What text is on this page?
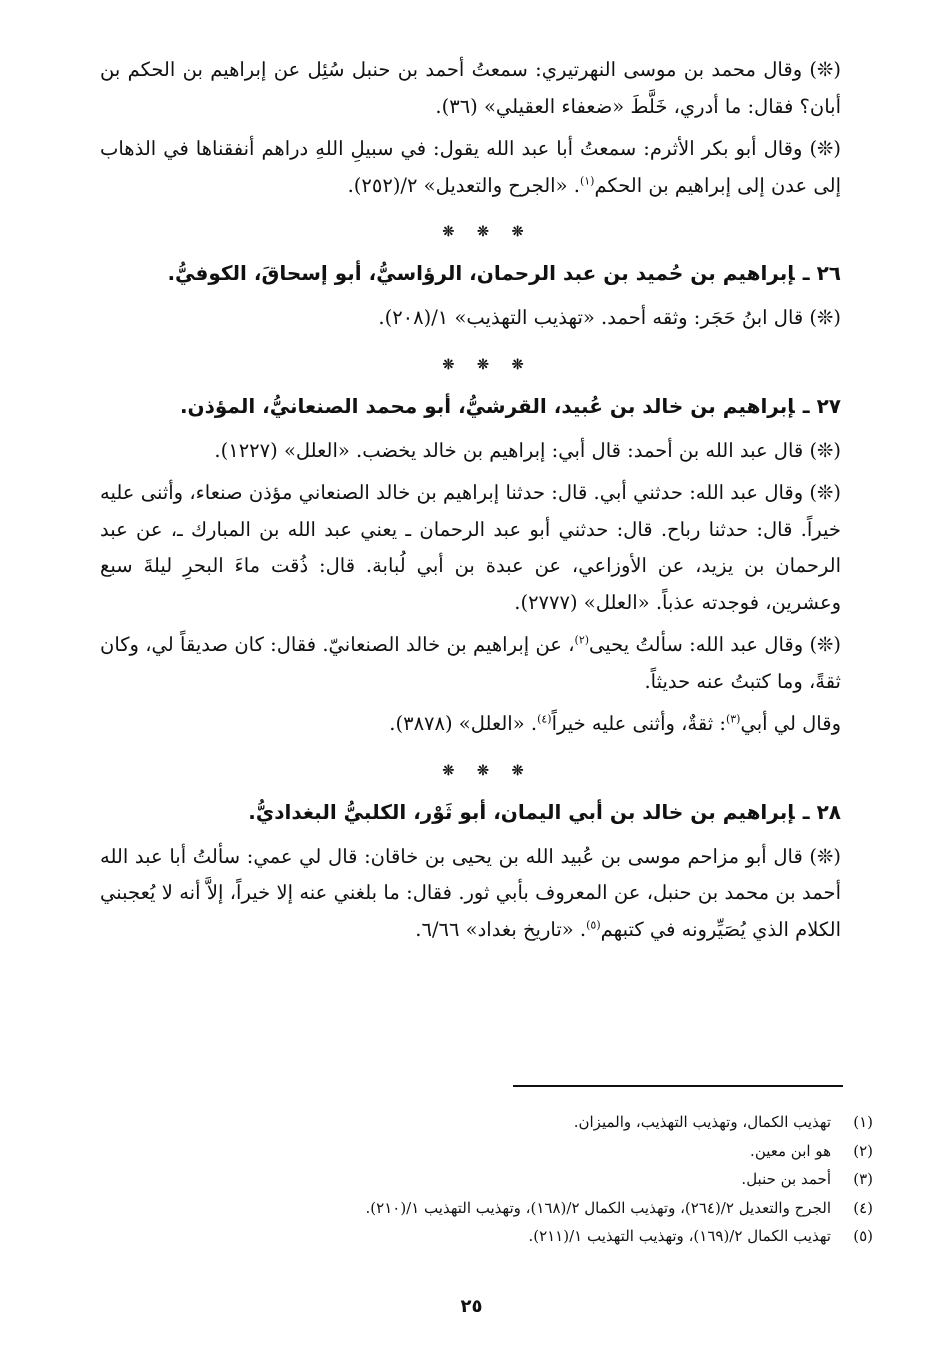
(❊) وقال محمد بن موسى النهرتيري: سمعتُ أحمد بن حنبل سُئِل عن إبراهيم بن الحكم بن أبان؟ فقال: ما أدري، خَلَّطَ «ضعفاء العقيلي» (٣٦).

(❊) وقال أبو بكر الأثرم: سمعتُ أبا عبد الله يقول: في سبيلِ اللهِ دراهم أنفقناها في الذهاب إلى عدن إلى إبراهيم بن الحكم$^{(١)}$. «الجرح والتعديل» ٢/(٢٥٢).

❊ ❊ ❊
٢٦ ـإبراهيم بن حُميد بن عبد الرحمان، الرؤاسيُّ، أبو إسحاقَ، الكوفيُّ.

(❊) قال ابنُ حَجَر: وثقه أحمد. «تهذيب التهذيب» ١/(٢٠٨).

❊ ❊ ❊
٢٧ ـإبراهيم بن خالد بن عُبيد، القرشيُّ، أبو محمد الصنعانيُّ، المؤذن.

(❊) قال عبد الله بن أحمد: قال أبي: إبراهيم بن خالد يخضب. «العلل» (١٢٢٧).

(❊) وقال عبد الله: حدثني أبي. قال: حدثنا إبراهيم بن خالد الصنعاني مؤذن صنعاء، وأثنى عليه خيراً. قال: حدثنا رباح. قال: حدثني أبو عبد الرحمان ـ يعني عبد الله بن المبارك ـ، عن عبد الرحمان بن يزيد، عن الأوزاعي، عن عبدة بن أبي لُبابة. قال: ذُقت ماءَ البحرِ ليلةَ سبع وعشرين، فوجدته عذباً. «العلل» (٢٧٧٧).

(❊) وقال عبد الله: سألتُ يحيى$^{(٢)}$، عن إبراهيم بن خالد الصنعانيّ. فقال: كان صديقاً لي، وكان ثقةً، وما كتبتُ عنه حديثاً.

وقال لي أبي$^{(٣)}$: ثقةٌ، وأثنى عليه خيراً$^{(٤)}$. «العلل» (٣٨٧٨).

❊ ❊ ❊
٢٨ ـإبراهيم بن خالد بن أبي اليمان، أبو ثَوْر، الكلبيُّ البغداديُّ.

(❊) قال أبو مزاحم موسى بن عُبيد الله بن يحيى بن خاقان: قال لي عمي: سألتُ أبا عبد الله أحمد بن محمد بن حنبل، عن المعروف بأبي ثور. فقال: ما بلغني عنه إلا خيراً، إلاَّ أنه لا يُعجبني الكلام الذي يُصَيِّرونه في كتبهم$^{(٥)}$. «تاريخ بغداد» ٦/٦٦.

(١)
تهذيب الكمال، وتهذيب التهذيب، والميزان.
(٢)
هو ابن معين.
(٣)
أحمد بن حنبل.
(٤)
الجرح والتعديل ٢/(٢٦٤)، وتهذيب الكمال ٢/(١٦٨)، وتهذيب التهذيب ١/(٢١٠).
(٥)
تهذيب الكمال ٢/(١٦٩)، وتهذيب التهذيب ١/(٢١١).
٢٥
